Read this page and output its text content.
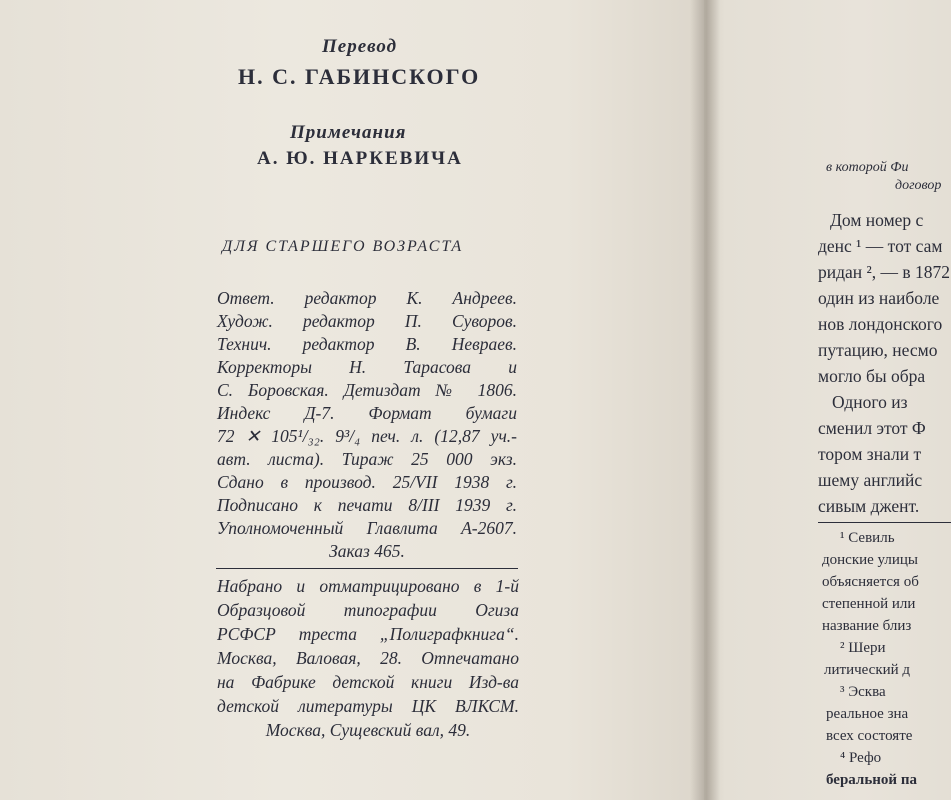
Перевод
Н. С. ГАБИНСКОГО
Примечания
А. Ю. НАРКЕВИЧА
ДЛЯ СТАРШЕГО ВОЗРАСТА
Ответ. редактор К. Андреев.
Худож. редактор П. Суворов.
Технич. редактор В. Невраев.
Корректоры Н. Тарасова и
С. Боровская. Детиздат № 1806.
Индекс Д-7. Формат бумаги
72 ✕ 105¹/₃₂. 9³/₄ печ. л. (12,87 уч.-
авт. листа). Тираж 25 000 экз.
Сдано в производ. 25/VII 1938 г.
Подписано к печати 8/III 1939 г.
Уполномоченный Главлита А-2607.
Заказ 465.
Набрано и отматрицировано в 1-й
Образцовой типографии Огиза
РСФСР треста „Полиграфкнига“.
Москва, Валовая, 28. Отпечатано
на Фабрике детской книги Изд-ва
детской литературы ЦК ВЛКСМ.
Москва, Сущевский вал, 49.
в которой Фи
договор
Дом номер с
денс ¹ — тот сам
ридан ², — в 1872
один из наиболе
нов лондонского
путацию, несмо
могло бы обра
Одного из
сменил этот Ф
тором знали т
шему английс
сивым джент.
¹ Севиль
донские улицы
объясняется об
степенной или
название близ
² Шери
литический д
³ Эсква
реальное зна
всех состояте
⁴ Рефо
беральной па
